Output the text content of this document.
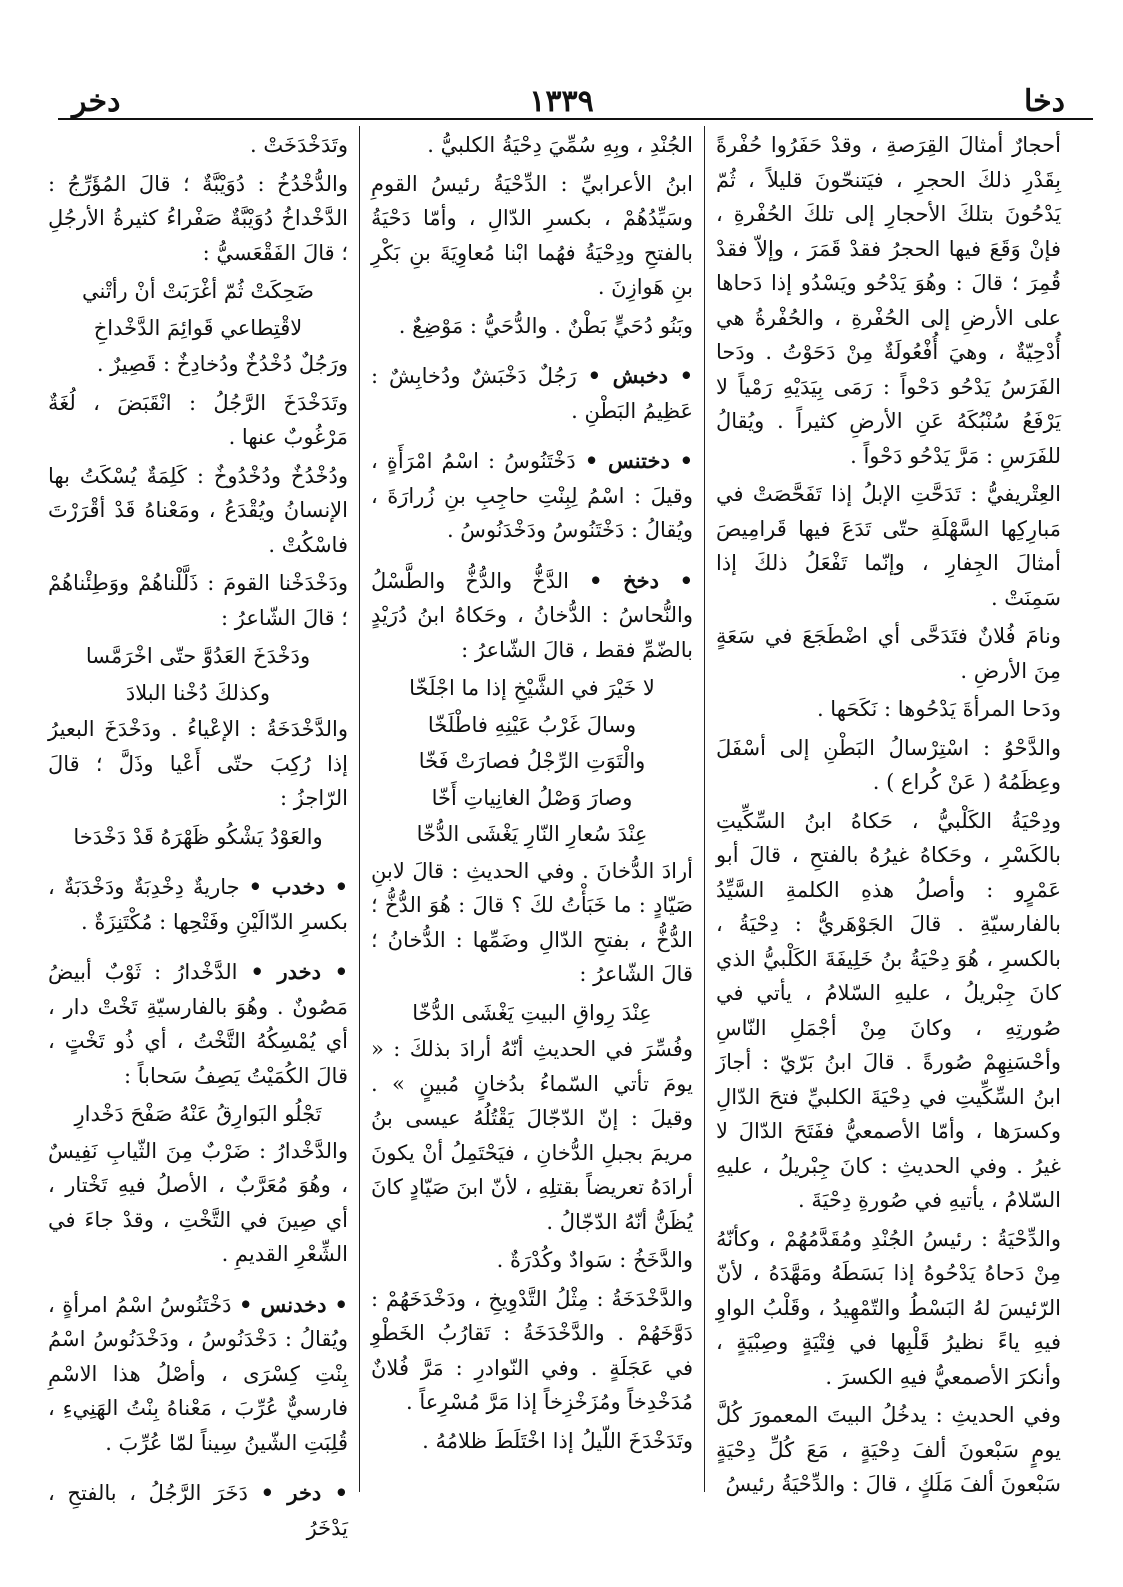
دخا
١٣٣٩
دخر

أحجارٌ أمثالَ القِرَصةِ ، وقدْ حَفَرُوا حُفْرةً بِقَدْرِ ذلكَ الحجرِ ، فيَتنحّونَ قليلاً ، ثُمّ يَدْحُونَ بتلكَ الأحجارِ إلى تلكَ الحُفْرةِ ، فإنْ وَقَعَ فيها الحجرُ فقدْ قَمَرَ ، وإلاّ فقدْ قُمِرَ ؛ قالَ : وهُوَ يَدْحُو ويَسْدُو إذا دَحاها على الأرضِ إلى الحُفْرةِ ، والحُفْرةُ هي أُدْحِيّةٌ ، وهيَ أُفْعُولَةٌ مِنْ دَحَوْتُ . ودَحا الفَرَسُ يَدْحُو دَحْواً : رَمَى بِيَدَيْهِ رَمْياً لا يَرْفَعُ سُنْبُكَهُ عَنِ الأرضِ كثيراً . ويُقالُ للفَرَسِ : مَرَّ يَدْحُو دَحْواً .

العِتْريفيُّ : تَدَحَّتِ الإبلُ إذا تَفَحَّصَتْ في مَبارِكِها السَّهْلَةِ حتّى تَدَعَ فيها قَرامِيصَ أمثالَ الجِفارِ ، وإنّما تَفْعَلُ ذلكَ إذا سَمِنَتْ .

ونامَ فُلانٌ فتَدَحَّى أي اضْطَجَعَ في سَعَةٍ مِنَ الأرضِ .

ودَحا المرأةَ يَدْحُوها : نَكَحَها .

والدَّحْوُ : اسْتِرْسالُ البَطْنِ إلى أسْفَلَ وعِظَمُهُ ( عَنْ كُراع ) .

ودِحْيَةُ الكَلْبيُّ ، حَكاهُ ابنُ السِّكِّيتِ بالكَسْرِ ، وحَكاهُ غيرُهُ بالفتحِ ، قالَ أبو عَمْرٍو : وأصلُ هذهِ الكلمةِ السَّيِّدُ بالفارسيّةِ . قالَ الجَوْهَريُّ : دِحْيَةُ ، بالكسرِ ، هُوَ دِحْيَةُ بنُ خَلِيفَةَ الكَلْبيُّ الذي كانَ جِبْريلُ ، عليهِ السّلامُ ، يأتي في صُورتِهِ ، وكانَ مِنْ أجْمَلِ النّاسِ وأحْسَنِهِمْ صُورةً . قالَ ابنُ بَرّيّ : أجازَ ابنُ السِّكِّيتِ في دِحْيَةَ الكلبيِّ فتحَ الدّالِ وكسرَها ، وأمّا الأصمعيُّ ففَتَحَ الدّالَ لا غيرُ . وفي الحديثِ : كانَ جِبْريلُ ، عليهِ السّلامُ ، يأتيهِ في صُورةِ دِحْيَةَ .

والدِّحْيَةُ : رئيسُ الجُنْدِ ومُقَدَّمُهُمْ ، وكأنّهُ مِنْ دَحاهُ يَدْحُوهُ إذا بَسَطَهُ ومَهَّدَهُ ، لأنّ الرّئيسَ لهُ البَسْطُ والتّمْهِيدُ ، وقَلْبُ الواوِ فيهِ ياءً نظيرُ قَلْبِها في فِتْيَةٍ وصِبْيَةٍ ، وأنكرَ الأصمعيُّ فيهِ الكسرَ .

وفي الحديثِ : يدخُلُ البيتَ المعمورَ كُلَّ يومٍ سَبْعونَ ألفَ دِحْيَةٍ ، مَعَ كُلِّ دِحْيَةٍ سَبْعونَ ألفَ مَلَكٍ ، قالَ : والدِّحْيَةُ رئيسُ

الجُنْدِ ، وبِهِ سُمِّيَ دِحْيَةُ الكلبيُّ .

ابنُ الأعرابيِّ : الدِّحْيَةُ رئيسُ القومِ وسَيِّدُهُمْ ، بكسرِ الدّالِ ، وأمّا دَحْيَةُ بالفتحِ ودِحْيَةُ فهُما ابْنا مُعاوِيَةَ بنِ بَكْرِ بنِ هَوازِنَ .

وبَنُو دُحَيٍّ بَطْنٌ . والدُّحَيُّ : مَوْضِعٌ .

• دخبش • رَجُلٌ دَخْبَشٌ ودُخابِشٌ : عَظِيمُ البَطْنِ .

• دختنس • دَخْتَنُوسُ : اسْمُ امْرَأَةٍ ، وقيلَ : اسْمُ لِبِنْتِ حاجِبِ بنِ زُرارَةَ ، ويُقالُ : دَخْتَنُوسُ ودَخْدَنُوسُ .

• دخخ • الدَّخُّ والدُّخُّ والطَّسْلُ والنُّحاسُ : الدُّخانُ ، وحَكاهُ ابنُ دُرَيْدٍ بالضّمِّ فقط ، قالَ الشّاعرُ :

لا خَيْرَ في الشَّيْخِ إذا ما اجْلَخّا

وسالَ غَرْبُ عَيْنِهِ فاطْلَخّا

والْتَوَتِ الرِّجْلُ فصارَتْ فَخّا

وصارَ وَصْلُ الغانِياتِ أَخّا

عِنْدَ سُعارِ النّارِ يَغْشَى الدُّخّا

أرادَ الدُّخانَ . وفي الحديثِ : قالَ لابنِ صَيّادٍ : ما خَبَأْتُ لكَ ؟ قالَ : هُوَ الدُّخُّ ؛ الدُّخُّ ، بفتحِ الدّالِ وضَمِّها : الدُّخانُ ؛ قالَ الشّاعرُ :

عِنْدَ رِواقِ البيتِ يَغْشَى الدُّخّا

وفُسِّرَ في الحديثِ أنّهُ أرادَ بذلكَ : « يومَ تأتي السّماءُ بدُخانٍ مُبينٍ » . وقيلَ : إنّ الدّجّالَ يَقْتُلُهُ عيسى بنُ مريمَ بجبلِ الدُّخانِ ، فيَحْتَمِلُ أنْ يكونَ أرادَهُ تعريضاً بقتلِهِ ، لأنّ ابنَ صَيّادٍ كانَ يُظَنُّ أنّهُ الدّجّالُ .

والدَّخَخُ : سَوادٌ وكُدْرَةٌ .

والدَّخْدَخَةُ : مِثْلُ التَّدْوِيخِ ، ودَخْدَخَهُمْ : دَوَّخَهُمْ . والدَّخْدَخَةُ : تَقارُبُ الخَطْوِ في عَجَلَةٍ . وفي النّوادرِ : مَرَّ فُلانٌ مُدَخْدِخاً ومُزَخْزِخاً إذا مَرَّ مُسْرِعاً .

وتَدَخْدَخَ اللّيلُ إذا اخْتَلَطَ ظلامُهُ .

وتَدَخْدَخَتْ .

والدُّخْدُخُ : دُوَيْبَّةٌ ؛ قالَ المُؤَرِّجُ : الدَّخْداخُ دُوَيْبَّةٌ صَفْراءُ كثيرةُ الأرجُلِ ؛ قالَ الفَقْعَسيُّ :

ضَحِكَتْ ثُمّ أغْرَبَتْ أنْ رأتْني

لاقْتِطاعي قَوائِمَ الدَّخْداخِ

ورَجُلٌ دُخْدُخٌ ودُخادِخٌ : قَصِيرٌ .

وتَدَخْدَخَ الرَّجُلُ : انْقَبَضَ ، لُغَةٌ مَرْغُوبٌ عنها .

ودُخْدُخٌ ودُخْدُوخٌ : كَلِمَةٌ يُسْكَتُ بها الإنسانُ ويُقْدَعُ ، ومَعْناهُ قَدْ أقْرَرْتَ فاسْكُتْ .

ودَخْدَخْنا القومَ : ذَلَّلْناهُمْ ووَطِئْناهُمْ ؛ قالَ الشّاعرُ :

ودَخْدَخَ العَدُوَّ حتّى اخْرَمَّسا

وكذلكَ دُخْنا البلادَ

والدَّخْدَخَةُ : الإعْياءُ . ودَخْدَخَ البعيرُ إذا رُكِبَ حتّى أَعْيا وذَلَّ ؛ قالَ الرّاجزُ :

والعَوْدُ يَشْكُو ظَهْرَهُ قَدْ دَخْدَخا

• دخدب • جاريةٌ دِخْدِبَةٌ ودَخْدَبَةٌ ، بكسرِ الدّالَيْنِ وفَتْحِها : مُكْتَنِزَةٌ .

• دخدر • الدَّخْدارُ : ثَوْبٌ أبيضُ مَصُونٌ . وهُوَ بالفارسيّةِ تَخْتْ دار ، أي يُمْسِكُهُ التَّخْتُ ، أي ذُو تَخْتٍ ، قالَ الكُمَيْتُ يَصِفُ سَحاباً :

تَجْلُو البَوارِقُ عَنْهُ صَفْحَ دَخْدارِ

والدَّخْدارُ : ضَرْبٌ مِنَ الثّيابِ نَفِيسٌ ، وهُوَ مُعَرَّبٌ ، الأصلُ فيهِ تَخْتار ، أي صِينَ في التَّخْتِ ، وقدْ جاءَ في الشِّعْرِ القديمِ .

• دخدنس • دَخْتَنُوسُ اسْمُ امرأةٍ ، ويُقالُ : دَخْدَنُوسُ ، ودَخْدَنُوسُ اسْمُ بِنْتِ كِسْرَى ، وأصْلُ هذا الاسْمِ فارسيٌّ عُرِّبَ ، مَعْناهُ بِنْتُ الهَنِيءِ ، قُلِبَتِ الشّينُ سِيناً لمّا عُرِّبَ .

• دخر • دَخَرَ الرَّجُلُ ، بالفتحِ ، يَدْخَرُ
